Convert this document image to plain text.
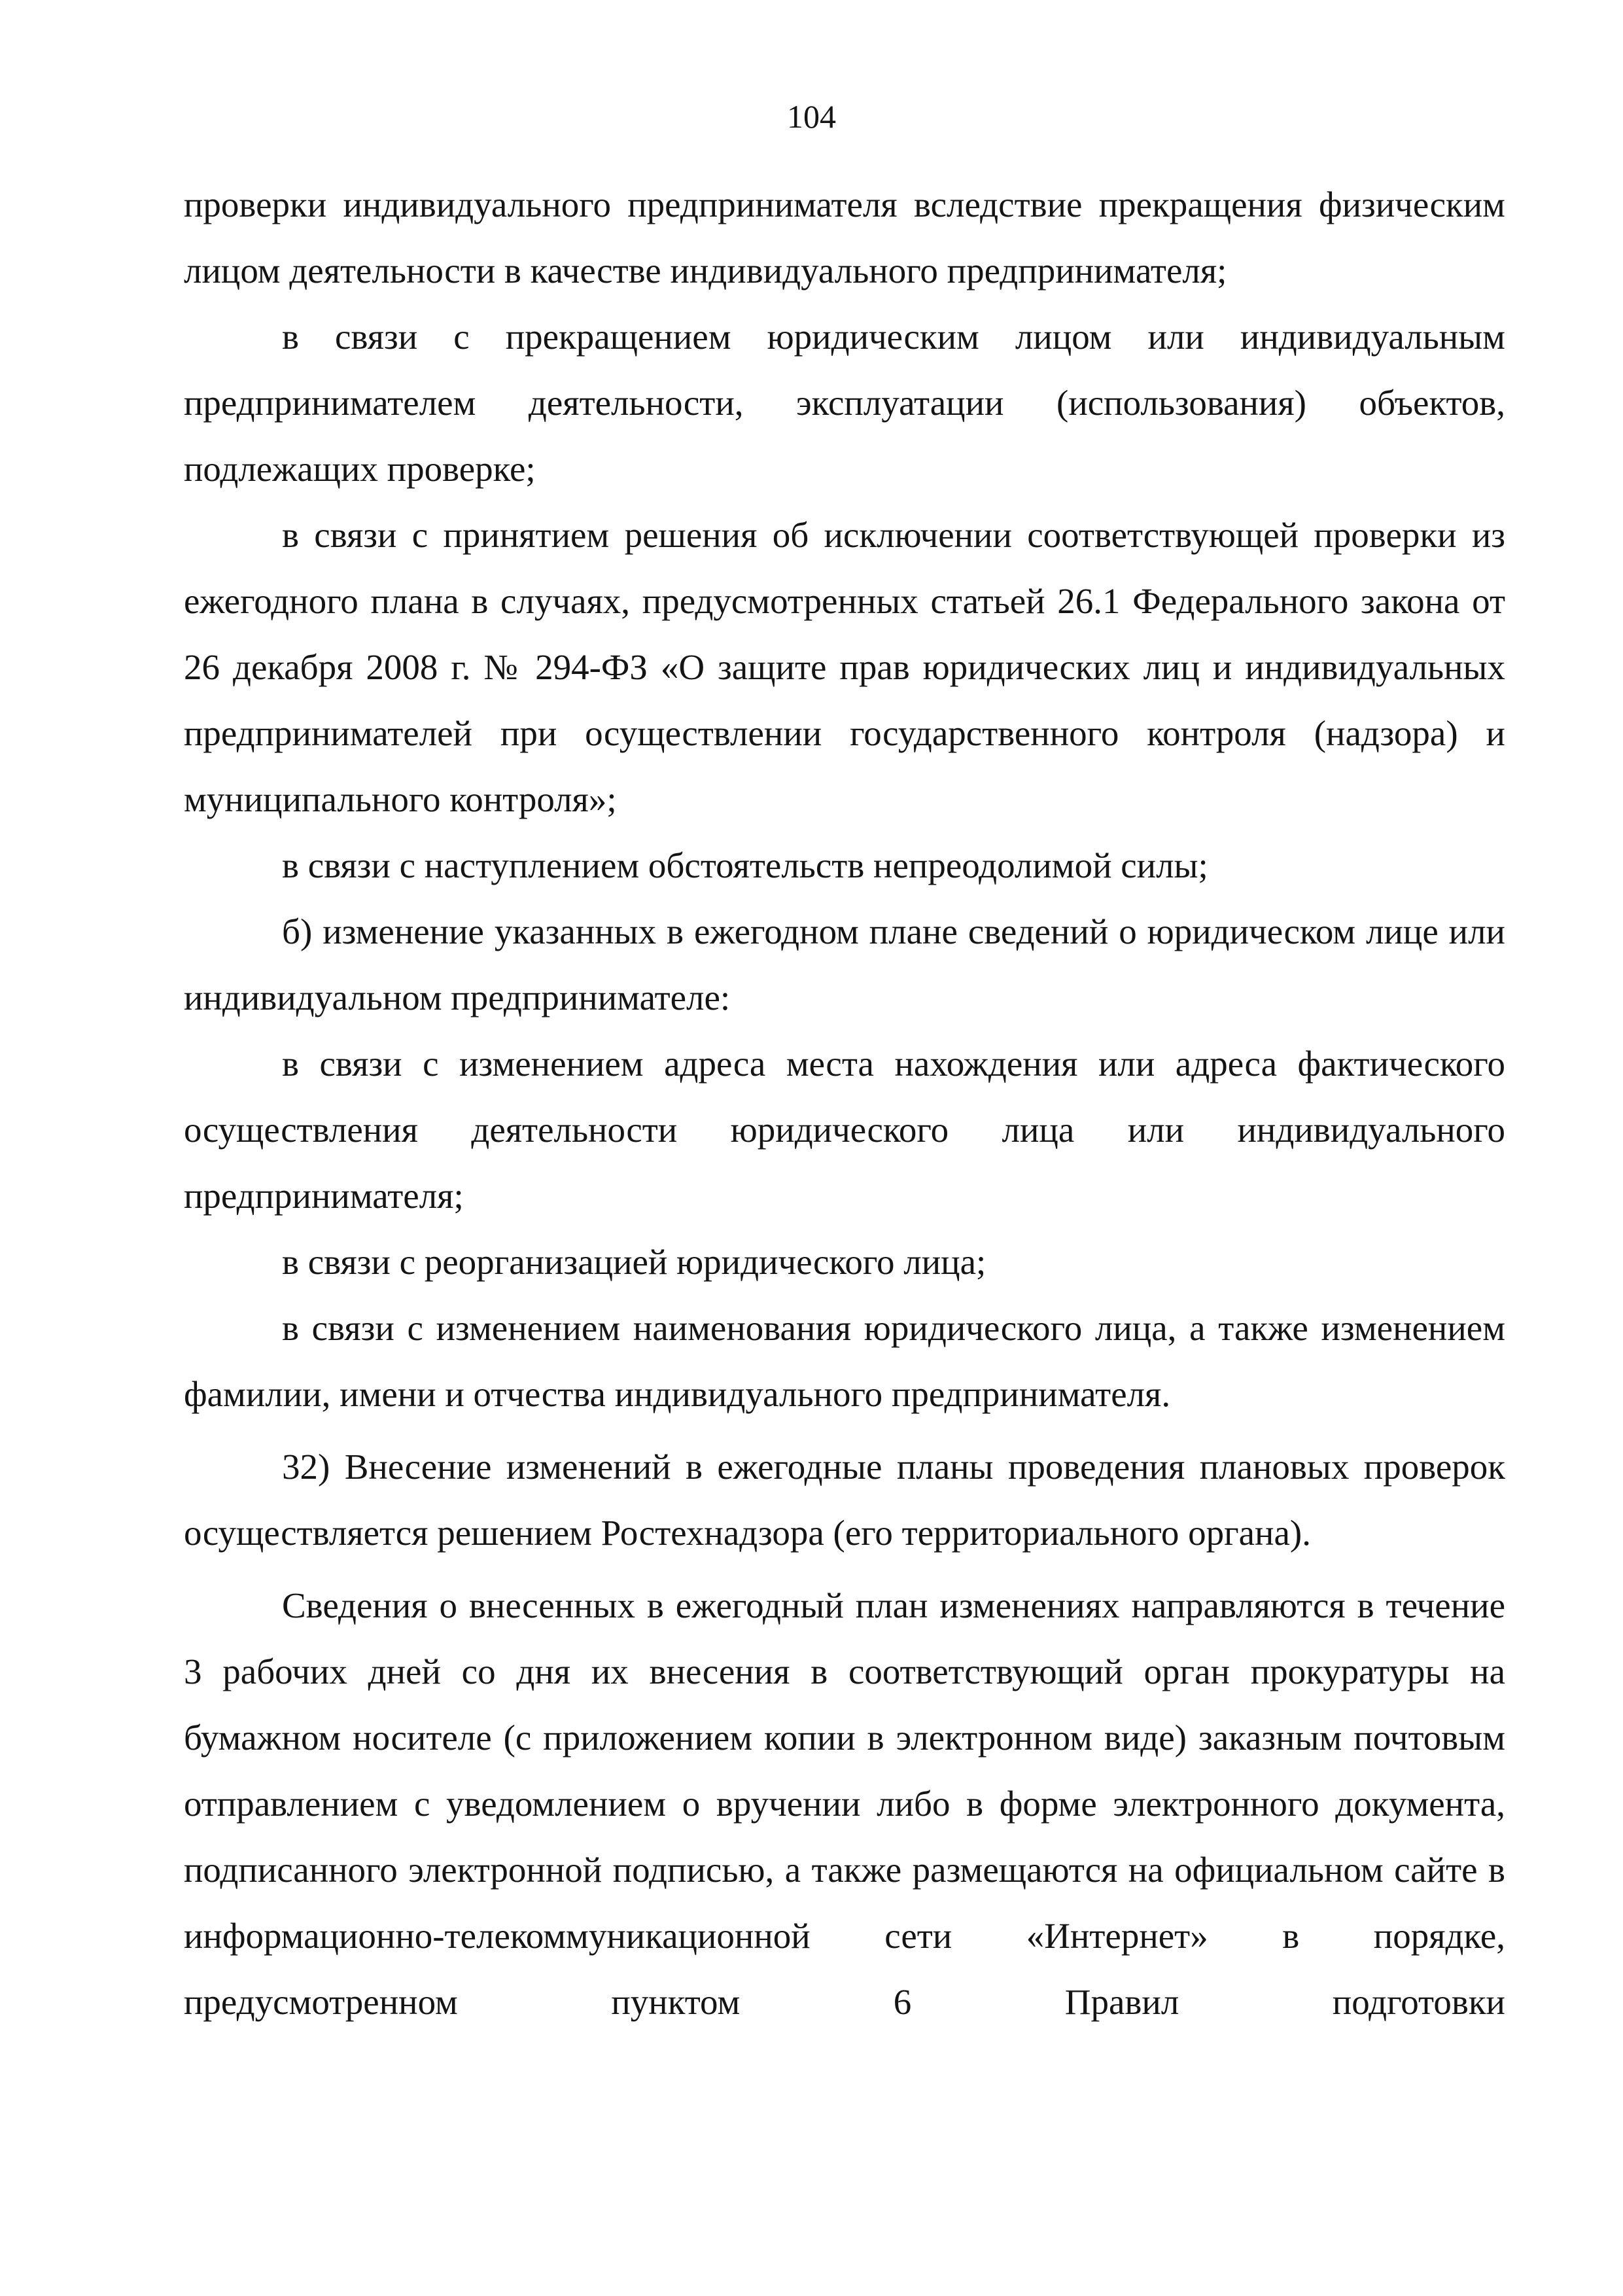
104

проверки индивидуального предпринимателя вследствие прекращения физическим лицом деятельности в качестве индивидуального предпринимателя;

в связи с прекращением юридическим лицом или индивидуальным предпринимателем деятельности, эксплуатации (использования) объектов, подлежащих проверке;

в связи с принятием решения об исключении соответствующей проверки из ежегодного плана в случаях, предусмотренных статьей 26.1 Федерального закона от 26 декабря 2008 г. № 294-ФЗ «О защите прав юридических лиц и индивидуальных предпринимателей при осуществлении государственного контроля (надзора) и муниципального контроля»;

в связи с наступлением обстоятельств непреодолимой силы;

б) изменение указанных в ежегодном плане сведений о юридическом лице или индивидуальном предпринимателе:

в связи с изменением адреса места нахождения или адреса фактического осуществления деятельности юридического лица или индивидуального предпринимателя;

в связи с реорганизацией юридического лица;

в связи с изменением наименования юридического лица, а также изменением фамилии, имени и отчества индивидуального предпринимателя.

32) Внесение изменений в ежегодные планы проведения плановых проверок осуществляется решением Ростехнадзора (его территориального органа).

Сведения о внесенных в ежегодный план изменениях направляются в течение 3 рабочих дней со дня их внесения в соответствующий орган прокуратуры на бумажном носителе (с приложением копии в электронном виде) заказным почтовым отправлением с уведомлением о вручении либо в форме электронного документа, подписанного электронной подписью, а также размещаются на официальном сайте в информационно-телекоммуникационной сети «Интернет» в порядке, предусмотренном пунктом 6 Правил подготовки
